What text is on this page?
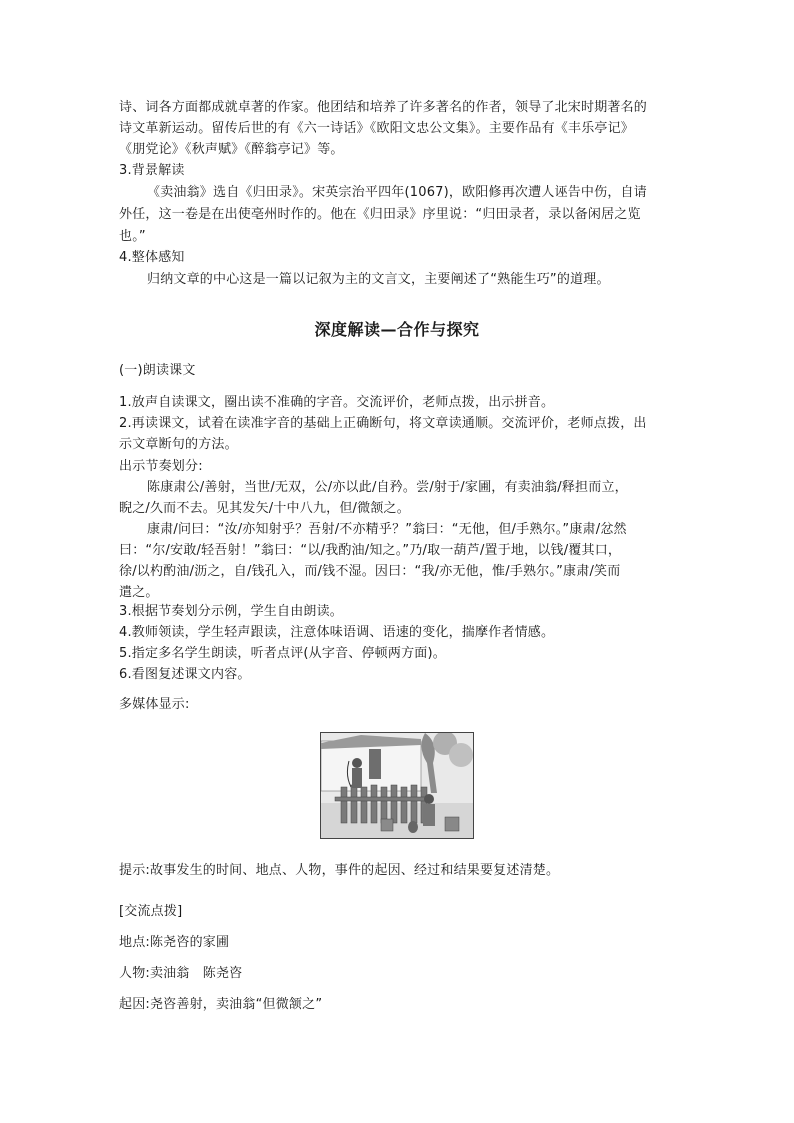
诗、词各方面都成就卓著的作家。他团结和培养了许多著名的作者，领导了北宋时期著名的
诗文革新运动。留传后世的有《六一诗话》《欧阳文忠公文集》。主要作品有《丰乐亭记》
《朋党论》《秋声赋》《醉翁亭记》等。
3.背景解读
《卖油翁》选自《归田录》。宋英宗治平四年(1067)，欧阳修再次遭人诬告中伤，自请
外任，这一卷是在出使亳州时作的。他在《归田录》序里说：“归田录者，录以备闲居之览
也。”
4.整体感知
归纳文章的中心这是一篇以记叙为主的文言文，主要阐述了“熟能生巧”的道理。
深度解读—合作与探究
(一)朗读课文
1.放声自读课文，圈出读不准确的字音。交流评价，老师点拨，出示拼音。
2.再读课文，试着在读准字音的基础上正确断句，将文章读通顺。交流评价，老师点拨，出
示文章断句的方法。
出示节奏划分:
陈康肃公/善射，当世/无双，公/亦以此/自矜。尝/射于/家圃，有卖油翁/释担而立，
睨之/久而不去。见其发矢/十中八九，但/微颔之。
康肃/问曰：“汝/亦知射乎？吾射/不亦精乎？”翁曰：“无他，但/手熟尔。”康肃/忿然
曰：“尔/安敢/轻吾射！”翁曰：“以/我酌油/知之。”乃/取一葫芦/置于地，以钱/覆其口，
徐/以杓酌油/沥之，自/钱孔入，而/钱不湿。因曰：“我/亦无他，惟/手熟尔。”康肃/笑而
遣之。
3.根据节奏划分示例，学生自由朗读。
4.教师领读，学生轻声跟读，注意体味语调、语速的变化，揣摩作者情感。
5.指定多名学生朗读，听者点评(从字音、停顿两方面)。
6.看图复述课文内容。
多媒体显示:
提示:故事发生的时间、地点、人物，事件的起因、经过和结果要复述清楚。
[交流点拨]
地点:陈尧咨的家圃
人物:卖油翁　陈尧咨
起因:尧咨善射，卖油翁“但微颔之”
